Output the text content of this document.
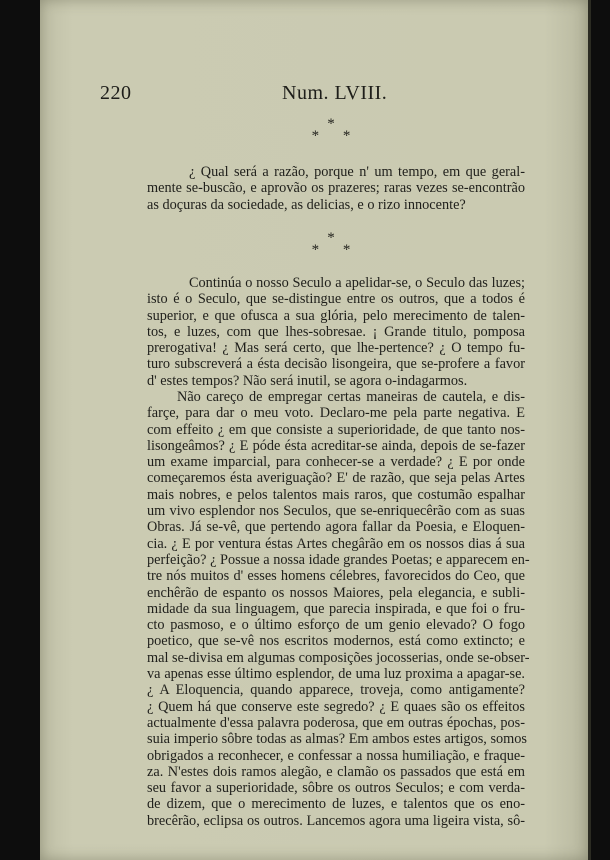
220	Num. LVIII.
*
* *

¿ Qual será a razão, porque n' um tempo, em que geral-
mente se-buscão, e aprovão os prazeres; raras vezes se-encontrão
as doçuras da sociedade, as delicias, e o rizo innocente?

*
* *

Continúa o nosso Seculo a apelidar-se, o Seculo das luzes;
isto é o Seculo, que se-distingue entre os outros, que a todos é
superior, e que ofusca a sua glória, pelo merecimento de talen-
tos, e luzes, com que lhes-sobresae. ¡ Grande titulo, pomposa
prerogativa! ¿ Mas será certo, que lhe-pertence? ¿ O tempo fu-
turo subscreverá a ésta decisão lisongeira, que se-profere a favor
d' estes tempos? Não será inutil, se agora o-indagarmos.

Não careço de empregar certas maneiras de cautela, e dis-
farçe, para dar o meu voto. Declaro-me pela parte negativa. E
com effeito ¿ em que consiste a superioridade, de que tanto nos-
lisongeâmos? ¿ E póde ésta acreditar-se ainda, depois de se-fazer
um exame imparcial, para conhecer-se a verdade? ¿ E por onde
começaremos ésta averiguação? E' de razão, que seja pelas Artes
mais nobres, e pelos talentos mais raros, que costumão espalhar
um vivo esplendor nos Seculos, que se-enriquecêrão com as suas
Obras. Já se-vê, que pertendo agora fallar da Poesia, e Eloquen-
cia. ¿ E por ventura éstas Artes chegârão em os nossos dias á sua
perfeição? ¿ Possue a nossa idade grandes Poetas; e apparecem en-
tre nós muitos d' esses homens célebres, favorecidos do Ceo, que
enchêrão de espanto os nossos Maiores, pela elegancia, e subli-
midade da sua linguagem, que parecia inspirada, e que foi o fru-
cto pasmoso, e o último esforço de um genio elevado? O fogo
poetico, que se-vê nos escritos modernos, está como extincto; e
mal se-divisa em algumas composições jocosserias, onde se-obser-
va apenas esse último esplendor, de uma luz proxima a apagar-se.
¿ A Eloquencia, quando apparece, troveja, como antigamente?
¿ Quem há que conserve este segredo? ¿ E quaes são os effeitos
actualmente d'essa palavra poderosa, que em outras épochas, pos-
suia imperio sôbre todas as almas? Em ambos estes artigos, somos
obrigados a reconhecer, e confessar a nossa humiliação, e fraque-
za. N'estes dois ramos alegão, e clamão os passados que está em
seu favor a superioridade, sôbre os outros Seculos; e com verda-
de dizem, que o merecimento de luzes, e talentos que os eno-
brecêrão, eclipsa os outros. Lancemos agora uma ligeira vista, sô-
